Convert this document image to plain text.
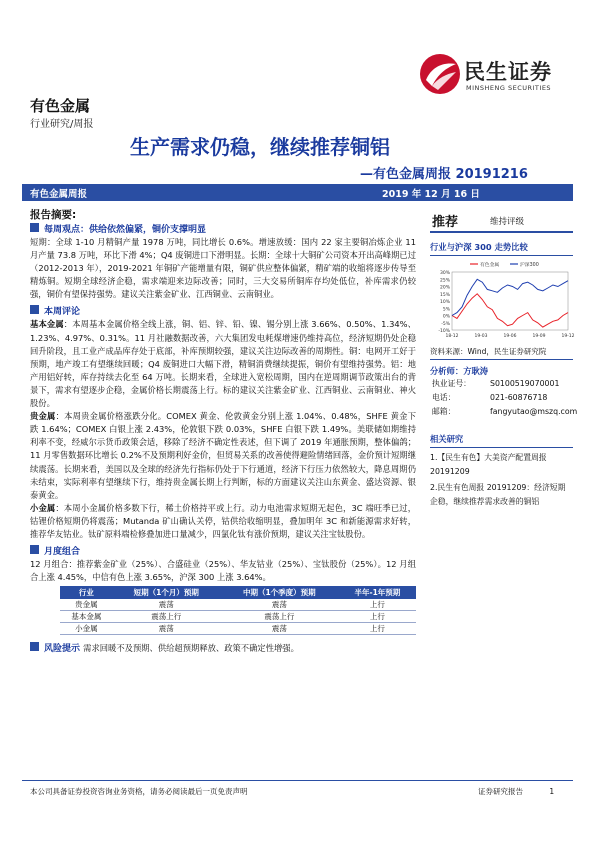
民生证券
MINSHENG SECURITIES
有色金属
行业研究/周报
生产需求仍稳，继续推荐铜铝
—有色金属周报 20191216
有色金属周报	2019 年 12 月 16 日
报告摘要:
每周观点：供给依然偏紧，铜价支撑明显

短期：全球 1-10 月精铜产量 1978 万吨，同比增长 0.6%。增速放缓：国内 22 家主要铜冶炼企业 11 月产量 73.8 万吨，环比下滑 4%；Q4 废铜进口下滑明显。长期：全球十大铜矿公司资本开出高峰期已过（2012-2013 年），2019-2021 年铜矿产能增量有限，铜矿供应整体偏紧，精矿端的收缩将逐步传导至精炼铜。短期全球经济企稳，需求端迎来边际改善；同时，三大交易所铜库存均处低位，补库需求仍较强，铜价有望保持强势。建议关注紫金矿业、江西铜业、云南铜业。

本周评论

基本金属：本周基本金属价格全线上涨，铜、铝、锌、铅、镍、锡分别上涨 3.66%、0.50%、1.34%、1.23%、4.97%、0.31%。11 月社融数据改善，六大集团发电耗煤增速仍维持高位，经济短期仍处企稳回升阶段，且工业产成品库存处于底部，补库预期较强，建议关注边际改善的周期性。铜：电网开工好于预期，地产竣工有望继续回暖；Q4 废铜进口大幅下滑，精铜消费继续提振，铜价有望维持强势。铝：地产用铝好转，库存持续去化至 64 万吨。长期来看，全球进入宽松周期，国内在逆周期调节政策出台的背景下，需求有望逐步企稳，金属价格长期震荡上行。标的建议关注紫金矿业、江西铜业、云南铜业、神火股份。

贵金属：本周贵金属价格涨跌分化。COMEX 黄金、伦敦黄金分别上涨 1.04%、0.48%，SHFE 黄金下跌 1.64%；COMEX 白银上涨 2.43%，伦敦银下跌 0.03%，SHFE 白银下跌 1.49%。美联储如期维持利率不变，经威尔示货币政策会适，移除了经济不确定性表述，但下调了 2019 年通胀预期，整体偏鸽；11 月零售数据环比增长 0.2%不及预期利好金价，但贸易关系的改善使得避险情绪回落，金价预计短期继续震荡。长期来看，美国以及全球的经济先行指标仍处于下行通道，经济下行压力依然较大，降息周期仍未结束，实际利率有望继续下行，维持贵金属长期上行判断，标的方面建议关注山东黄金、盛达资源、银泰黄金。

小金属：本周小金属价格多数下行，稀土价格持平或上行。动力电池需求短期无起色，3C 端旺季已过，钴锂价格短期仍将震荡；Mutanda 矿山确认关停，钴供给收缩明显，叠加明年 3C 和新能源需求好转，推荐华友钴业。钛矿原料端检修叠加进口量减少，四氯化钛有涨价预期，建议关注宝钛股份。

月度组合

12 月组合：推荐紫金矿业（25%）、合盛硅业（25%）、华友钴业（25%）、宝钛股份（25%）。12 月组合上涨 4.45%，中信有色上涨 3.65%，沪深 300 上涨 3.64%。

行业	短期（1个月）预期	中期（1个季度）预期	半年-1年预期
贵金属	震荡	震荡	上行
基本金属	震荡上行	震荡上行	上行
小金属	震荡	震荡	上行
风险提示 需求回暖不及预期、供给超预期释放、政策不确定性增强。
推荐	维持评级
行业与沪深 300 走势比较
30%
25%
20%
15%
10%
5%
0%
-5%
-10%
18-12	19-03	19-06	19-09	19-12
有色金属	沪深300
资料来源：Wind，民生证券研究院
分析师：方耿涛
执业证号： S0100519070001
电话：	021-60876718
邮箱：	fangyutao@mszq.com
相关研究
1.【民生有色】大美资产配置周报 20191209
2.民生有色周报 20191209：经济短期企稳，继续推荐需求改善的铜铝
本公司具备证券投资咨询业务资格，请务必阅读最后一页免责声明	证券研究报告	1
